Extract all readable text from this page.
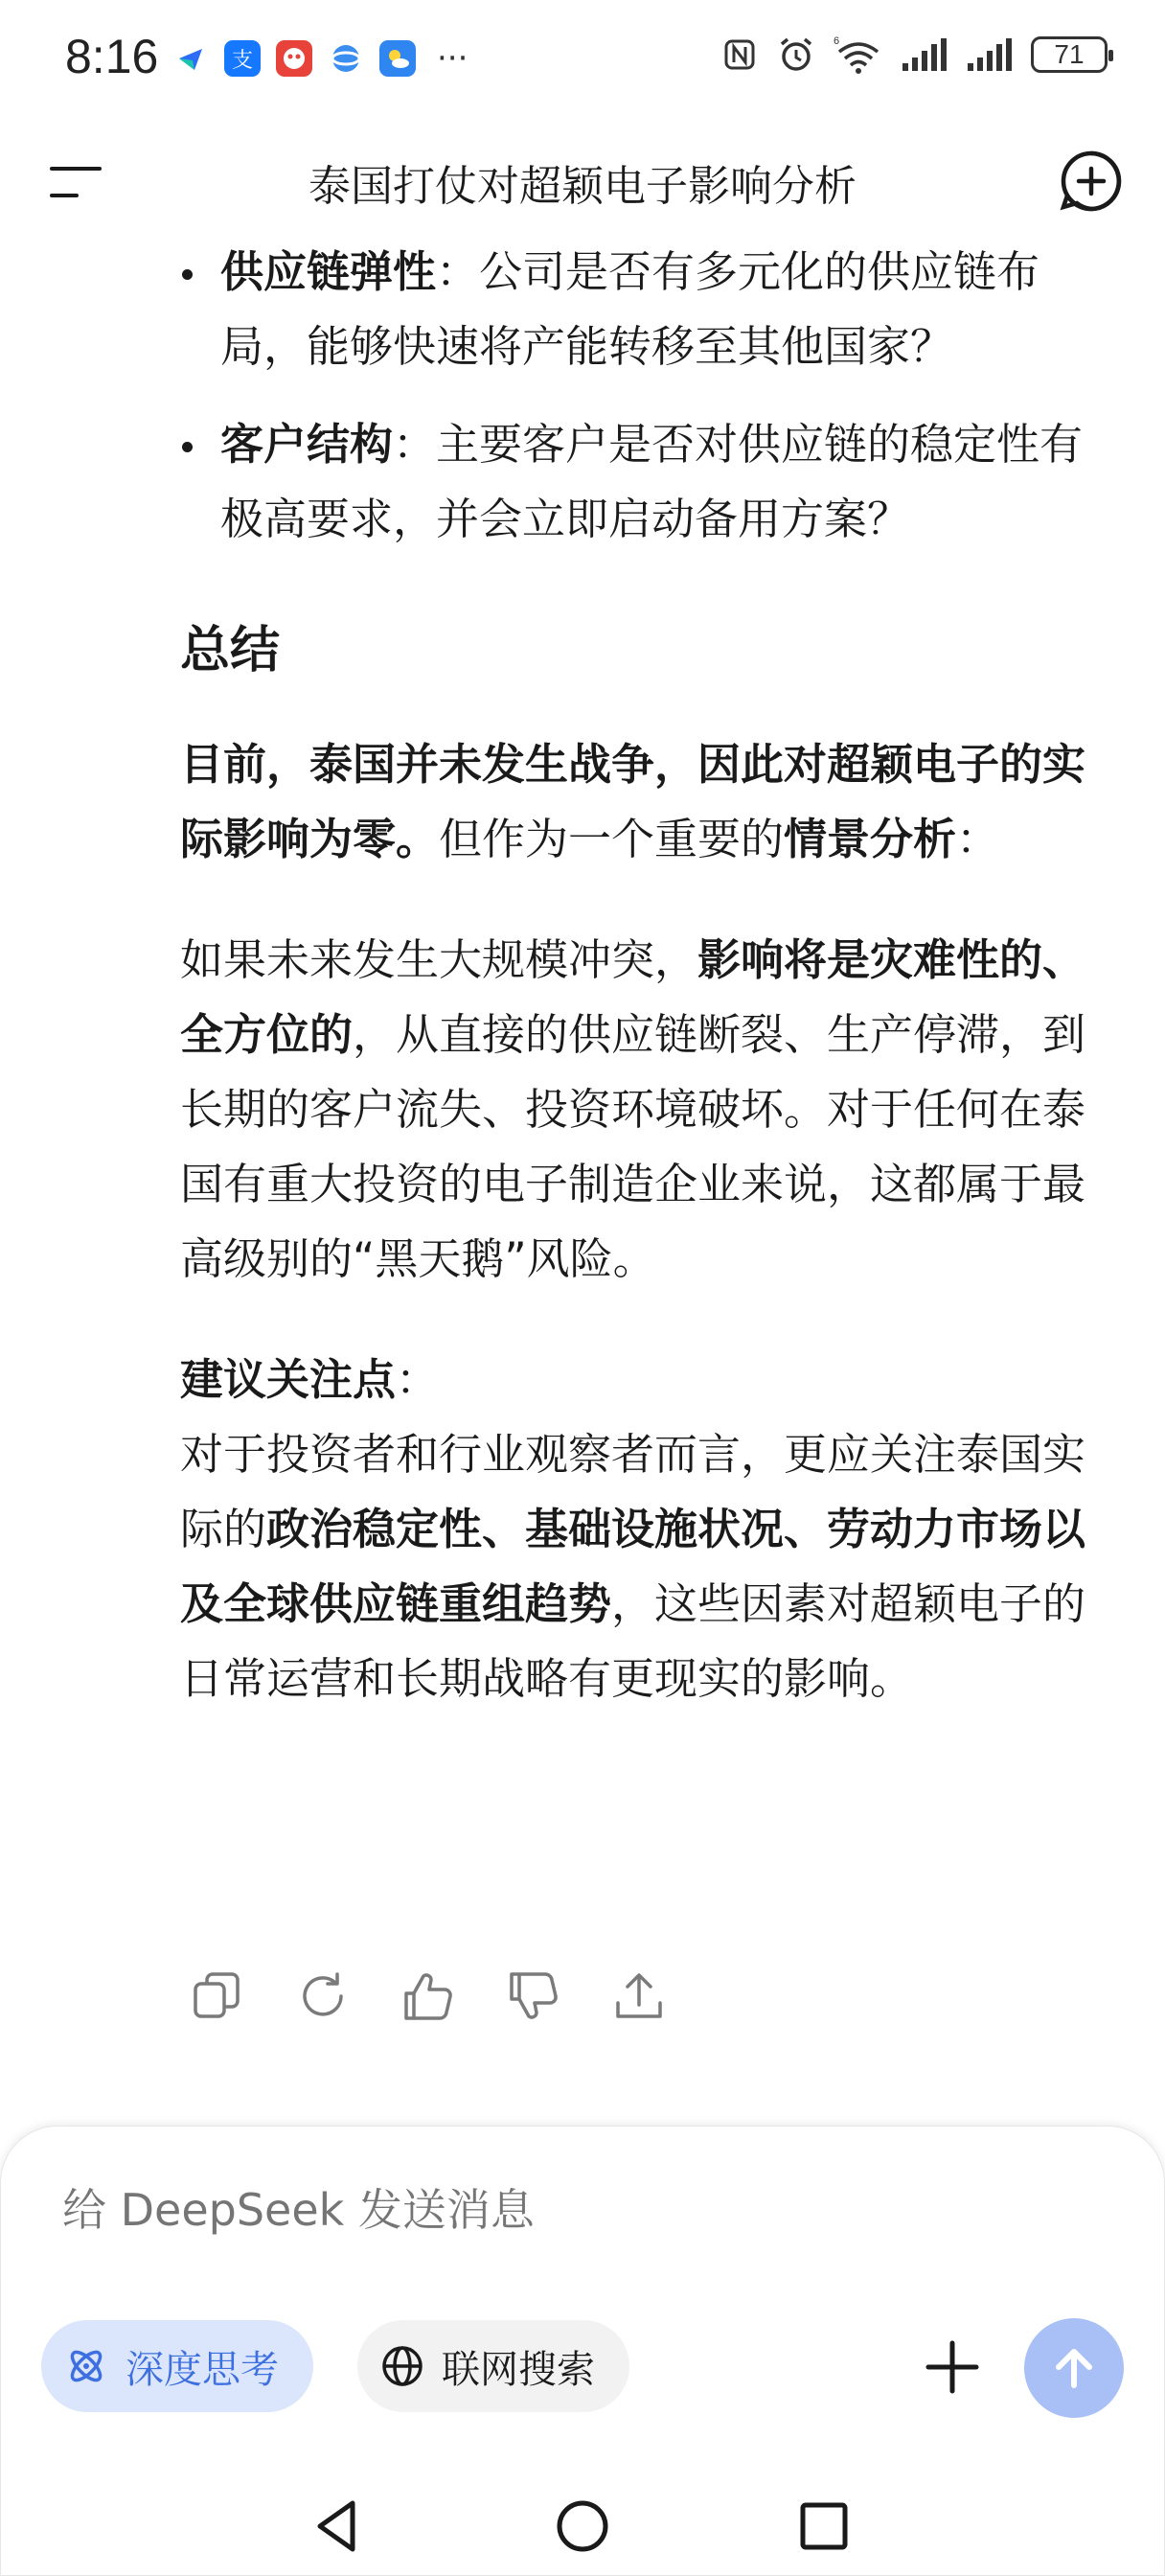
8:16	支	···	6	71
泰国打仗对超颖电子影响分析
供应链弹性：公司是否有多元化的供应链布局，能够快速将产能转移至其他国家？
客户结构：主要客户是否对供应链的稳定性有极高要求，并会立即启动备用方案？
总结
目前，泰国并未发生战争，因此对超颖电子的实际影响为零。但作为一个重要的情景分析：
如果未来发生大规模冲突，影响将是灾难性的、全方位的，从直接的供应链断裂、生产停滞，到长期的客户流失、投资环境破坏。对于任何在泰国有重大投资的电子制造企业来说，这都属于最高级别的“黑天鹅”风险。
建议关注点：
对于投资者和行业观察者而言，更应关注泰国实际的政治稳定性、基础设施状况、劳动力市场以及全球供应链重组趋势，这些因素对超颖电子的日常运营和长期战略有更现实的影响。
给 DeepSeek 发送消息
深度思考	联网搜索
